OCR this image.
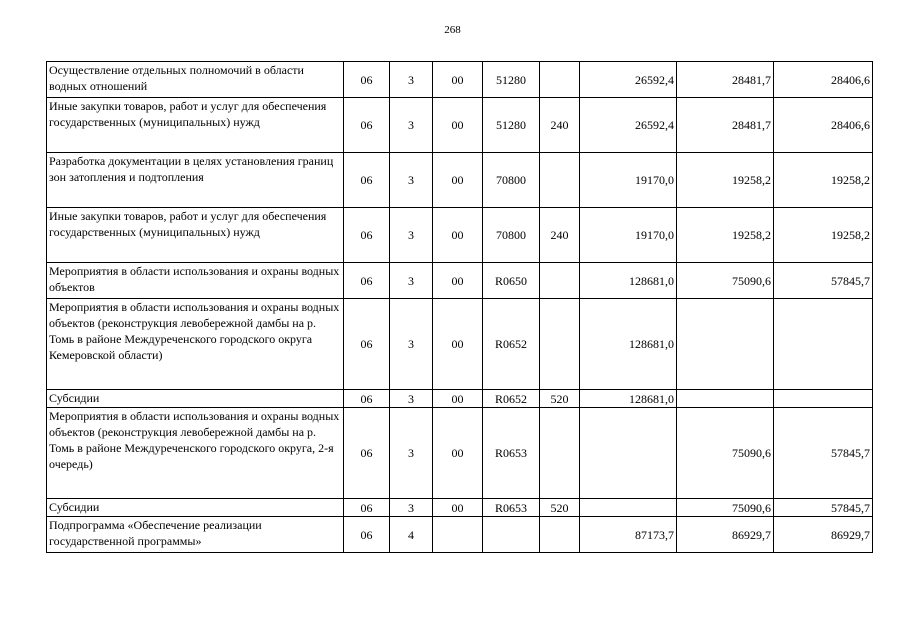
268
Осуществление отдельных полномочий в области водных отношений	06	3	00	51280		26592,4	28481,7	28406,6
Иные закупки товаров, работ и услуг для обеспечения государственных (муниципальных) нужд	06	3	00	51280	240	26592,4	28481,7	28406,6
Разработка документации в целях установления границ зон затопления и подтопления	06	3	00	70800		19170,0	19258,2	19258,2
Иные закупки товаров, работ и услуг для обеспечения государственных (муниципальных) нужд	06	3	00	70800	240	19170,0	19258,2	19258,2
Мероприятия в области использования и охраны водных объектов	06	3	00	R0650		128681,0	75090,6	57845,7
Мероприятия в области использования и охраны водных объектов (реконструкция левобережной дамбы на р. Томь в районе Междуреченского городского округа Кемеровской области)	06	3	00	R0652		128681,0		
Субсидии	06	3	00	R0652	520	128681,0		
Мероприятия в области использования и охраны водных объектов (реконструкция левобережной дамбы на р. Томь в районе Междуреченского городского округа, 2-я очередь)	06	3	00	R0653			75090,6	57845,7
Субсидии	06	3	00	R0653	520		75090,6	57845,7
Подпрограмма «Обеспечение реализации государственной программы»	06	4				87173,7	86929,7	86929,7
